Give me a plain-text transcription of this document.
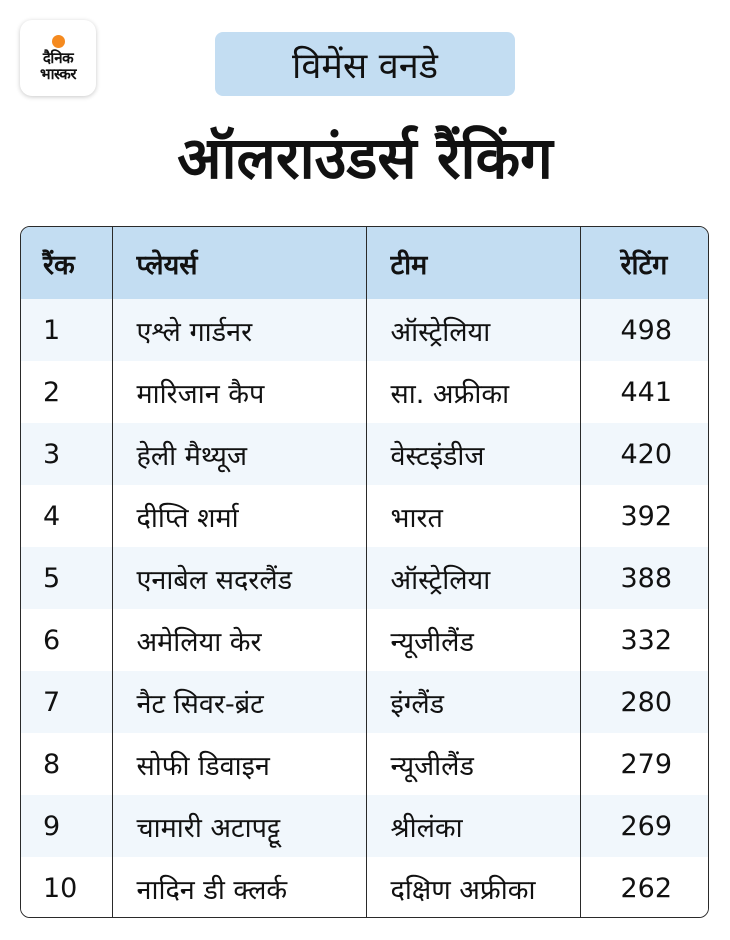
दैनिक
भास्कर	विमेंस वनडे
ऑलराउंडर्स रैंकिंग
रैंक	प्लेयर्स	टीम	रेटिंग
1	एश्ले गार्डनर	ऑस्ट्रेलिया	498
2	मारिजान कैप	सा. अफ्रीका	441
3	हेली मैथ्यूज	वेस्टइंडीज	420
4	दीप्ति शर्मा	भारत	392
5	एनाबेल सदरलैंड	ऑस्ट्रेलिया	388
6	अमेलिया केर	न्यूजीलैंड	332
7	नैट सिवर-ब्रंट	इंग्लैंड	280
8	सोफी डिवाइन	न्यूजीलैंड	279
9	चामारी अटापट्टू	श्रीलंका	269
10	नादिन डी क्लर्क	दक्षिण अफ्रीका	262
